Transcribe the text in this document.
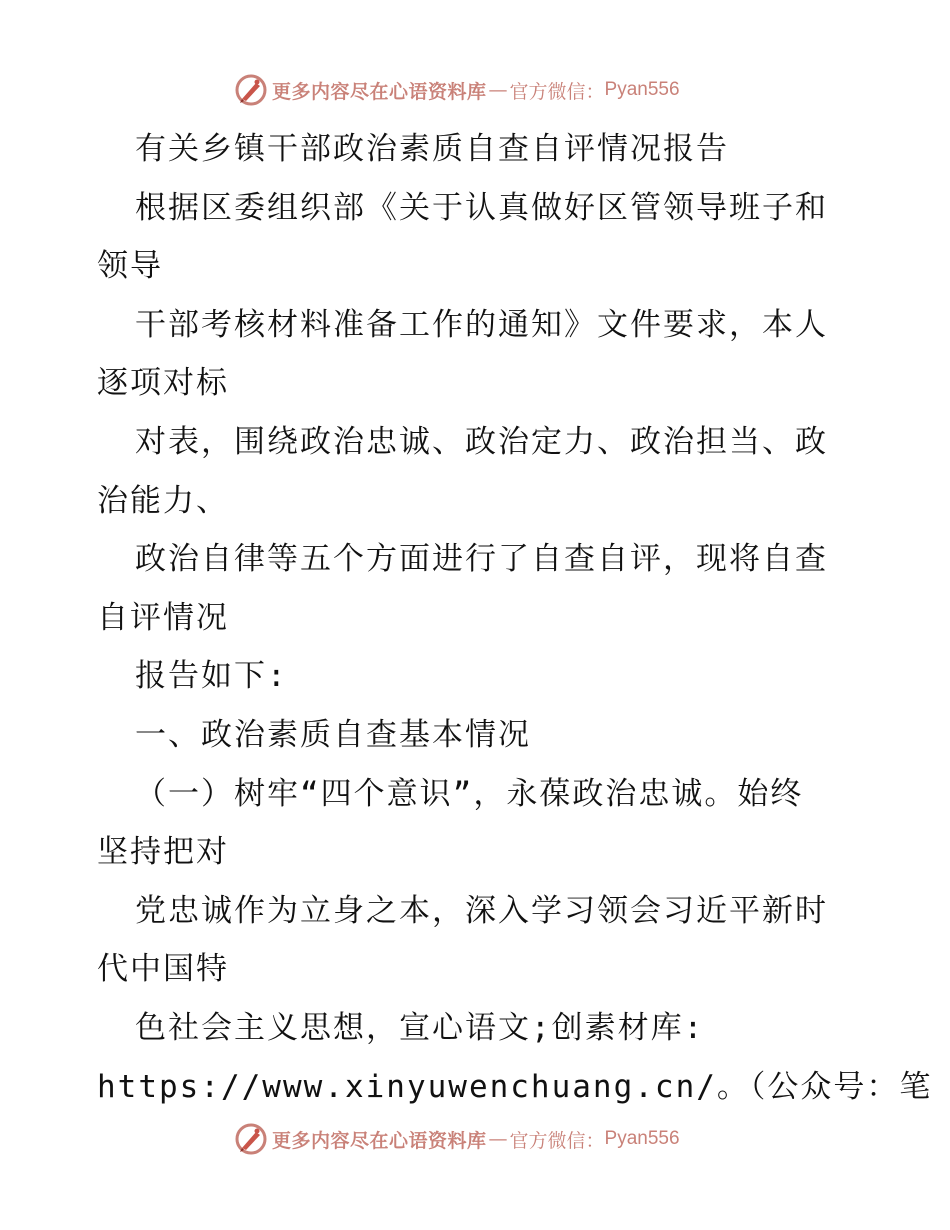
更多内容尽在心语资料库 — 官方微信： Pyan556
有关乡镇干部政治素质自查自评情况报告
根据区委组织部《关于认真做好区管领导班子和
领导
干部考核材料准备工作的通知》文件要求，本人
逐项对标
对表，围绕政治忠诚、政治定力、政治担当、政
治能力、
政治自律等五个方面进行了自查自评，现将自查
自评情况
报告如下:
一、政治素质自查基本情况
（一）树牢“四个意识”，永葆政治忠诚。始终
坚持把对
党忠诚作为立身之本，深入学习领会习近平新时
代中国特
色社会主义思想，宣心语文;创素材库:
https://www.xinyuwenchuang.cn/。（公众号：笔
更多内容尽在心语资料库 — 官方微信： Pyan556
